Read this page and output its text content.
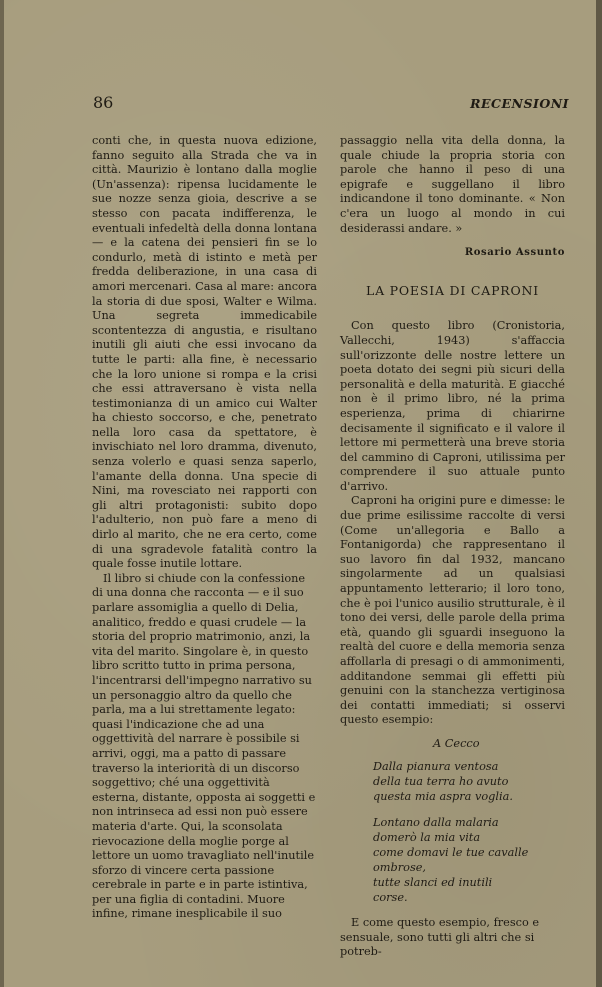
86	RECENSIONI

conti che, in questa nuova edizione, fanno seguito alla Strada che va in città. Maurizio è lontano dalla moglie (Un'assenza): ripensa lucidamente le sue nozze senza gioia, descrive a se stesso con pacata indifferenza, le eventuali infedeltà della donna lontana — e la catena dei pensieri fin se lo condurlo, metà di istinto e metà per fredda deliberazione, in una casa di amori mercenari. Casa al mare: ancora la storia di due sposi, Walter e Wilma. Una segreta immedicabile scontentezza di angustia, e risultano inutili gli aiuti che essi invocano da tutte le parti: alla fine, è necessario che la loro unione si rompa e la crisi che essi attraversano è vista nella testimonianza di un amico cui Walter ha chiesto soccorso, e che, penetrato nella loro casa da spettatore, è invischiato nel loro dramma, divenuto, senza volerlo e quasi senza saperlo, l'amante della donna. Una specie di Nini, ma rovesciato nei rapporti con gli altri protagonisti: subito dopo l'adulterio, non può fare a meno di dirlo al marito, che ne era certo, come di una sgradevole fatalità contro la quale fosse inutile lottare.

Il libro si chiude con la confessione di una donna che racconta — e il suo parlare assomiglia a quello di Delia, analitico, freddo e quasi crudele — la storia del proprio matrimonio, anzi, la vita del marito. Singolare è, in questo libro scritto tutto in prima persona, l'incentrarsi dell'impegno narrativo su un personaggio altro da quello che parla, ma a lui strettamente legato: quasi l'indicazione che ad una oggettività del narrare è possibile si arrivi, oggi, ma a patto di passare traverso la interiorità di un discorso soggettivo; ché una oggettività esterna, distante, opposta ai soggetti e non intrinseca ad essi non può essere materia d'arte. Qui, la sconsolata rievocazione della moglie porge al lettore un uomo travagliato nell'inutile sforzo di vincere certa passione cerebrale in parte e in parte istintiva, per una figlia di contadini. Muore infine, rimane inesplicabile il suo

passaggio nella vita della donna, la quale chiude la propria storia con parole che hanno il peso di una epigrafe e suggellano il libro indicandone il tono dominante. « Non c'era un luogo al mondo in cui desiderassi andare. »

Rosario Assunto

LA POESIA DI CAPRONI

Con questo libro (Cronistoria, Vallecchi, 1943) s'affaccia sull'orizzonte delle nostre lettere un poeta dotato dei segni più sicuri della personalità e della maturità. E giacché non è il primo libro, né la prima esperienza, prima di chiarirne decisamente il significato e il valore il lettore mi permetterà una breve storia del cammino di Caproni, utilissima per comprendere il suo attuale punto d'arrivo.

Caproni ha origini pure e dimesse: le due prime esilissime raccolte di versi (Come un'allegoria e Ballo a Fontanigorda) che rappresentano il suo lavoro fin dal 1932, mancano singolarmente ad un qualsiasi appuntamento letterario; il loro tono, che è poi l'unico ausilio strutturale, è il tono dei versi, delle parole della prima età, quando gli sguardi inseguono la realtà del cuore e della memoria senza affollarla di presagi o di ammonimenti, additandone semmai gli effetti più genuini con la stanchezza vertiginosa dei contatti immediati; si osservi questo esempio:

A Cecco
Dalla pianura ventosa
della tua terra ho avuto
questa mia aspra voglia.
Lontano dalla malaria
domerò la mia vita
come domavi le tue cavalle
ombrose,
tutte slanci ed inutili
corse.

E come questo esempio, fresco e sensuale, sono tutti gli altri che si potreb-
